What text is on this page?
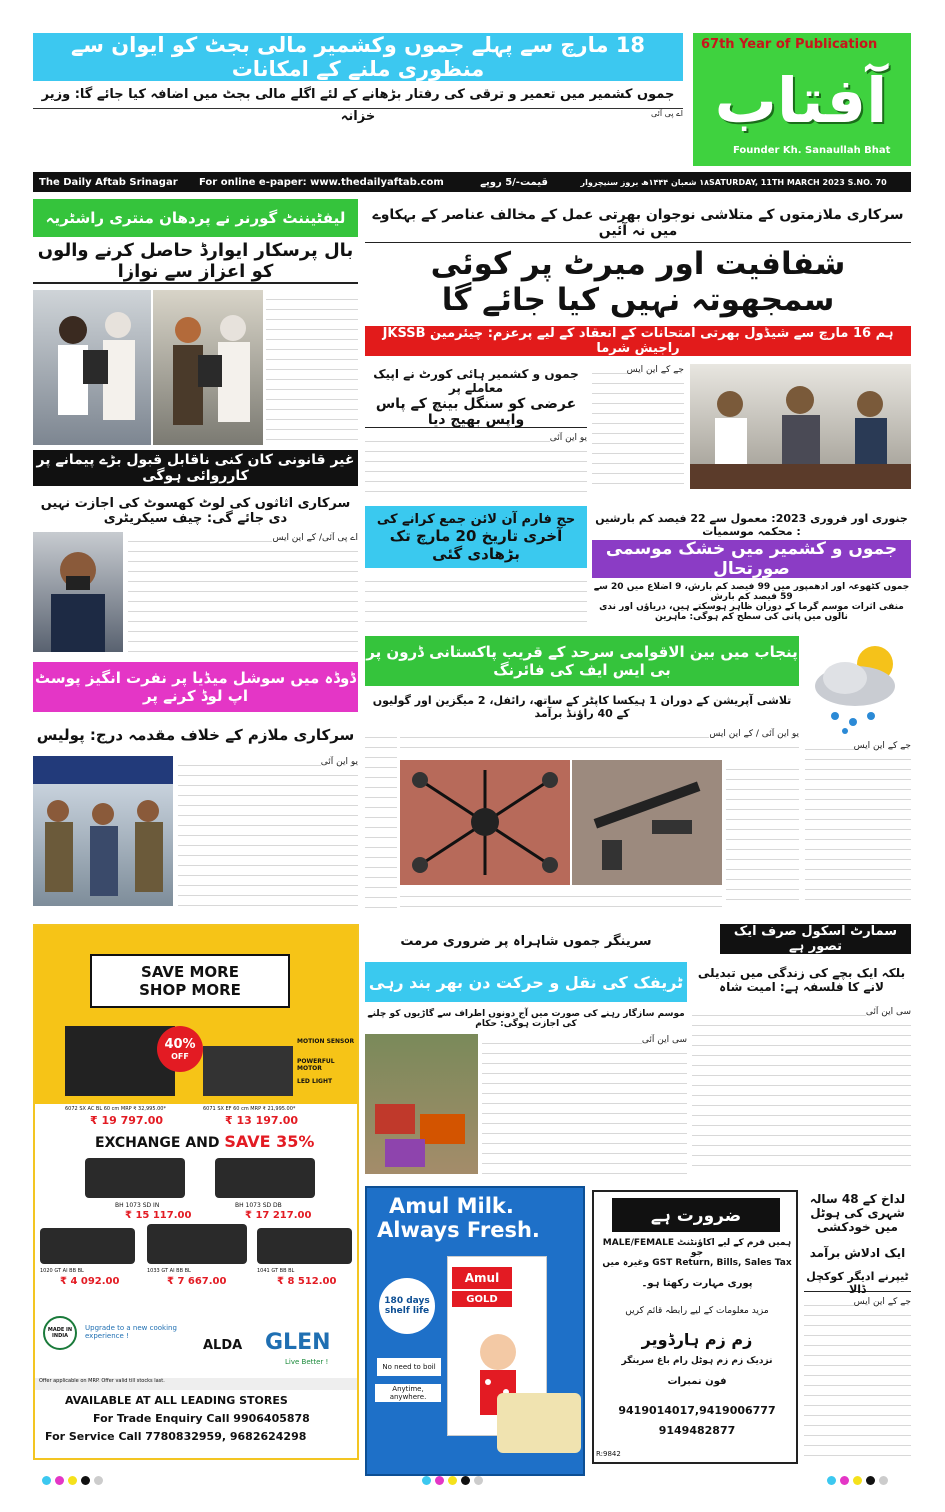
18 مارچ سے پہلے جموں وکشمیر مالی بجٹ کو ایوان سے منظوری ملنے کے امکانات
جموں کشمیر میں تعمیر و ترقی کی رفتار بڑھانے کے لئے اگلے مالی بجٹ میں اضافہ کیا جائے گا: وزیر خزانہ	اے پی آئی
67th Year of Publication
آفتاب
Founder Kh. Sanaullah Bhat
The Daily Aftab Srinagar	For online e-paper: www.thedailyaftab.com	قیمت-/5 روپے	۱۸ شعبان ۱۴۴۴ھ بروز سنیچروار SATURDAY, 11TH MARCH 2023 S.NO. 70
لیفٹیننٹ گورنر نے پردھان منتری راشٹریہ
بال پرسکار ایوارڈ حاصل کرنے والوں کو اعزاز سے نوازا
غیر قانونی کان کنی ناقابل قبول بڑے پیمانے پر کارروائی ہوگی
سرکاری اثاثوں کی لوٹ کھسوٹ کی اجازت نہیں دی جائے گی: چیف سیکریٹری
اے پی آئی/ کے این ایس
ڈوڈہ میں سوشل میڈیا پر نفرت انگیز پوسٹ اپ لوڈ کرنے پر
سرکاری ملازم کے خلاف مقدمہ درج: پولیس
یو این آئی
سرکاری ملازمتوں کے متلاشی نوجوان بھرتی عمل کے مخالف عناصر کے بہکاوے میں نہ آئیں
شفافیت اور میرٹ پر کوئی سمجھوتہ نہیں کیا جائے گا
ہم 16 مارچ سے شیڈول بھرتی امتحانات کے انعقاد کے لیے پرعزم: چیئرمین JKSSB راجیش شرما
جے کے این ایس
جموں و کشمیر ہائی کورٹ نے اپیک معاملے پر
عرضی کو سنگل بینچ کے پاس واپس بھیج دیا
یو این آئی
حج فارم آن لائن جمع کرانے کی
آخری تاریخ 20 مارچ تک بڑھادی گئی
جنوری اور فروری 2023: معمول سے 22 فیصد کم بارشیں : محکمہ موسمیات
جموں و کشمیر میں خشک موسمی صورتحال
جموں کٹھوعہ اور ادھمپور میں 99 فیصد کم بارش، 9 اضلاع میں 20 سے 59 فیصد کم بارش
منفی اثرات موسم گرما کے دوران ظاہر ہوسکتے ہیں، دریاؤں اور ندی نالوں میں پانی کی سطح کم ہوگی: ماہرین
پنجاب میں بین الاقوامی سرحد کے قریب پاکستانی ڈرون پر بی ایس ایف کی فائرنگ
تلاشی آپریشن کے دوران 1 ہیکسا کاپٹر کے ساتھ، رائفل، 2 میگزین اور گولیوں کے 40 راؤنڈ برآمد
یو این آئی / کے این ایس
جے کے این ایس
SAVE MORE
SHOP MORE
40%
OFF
MOTION SENSOR
POWERFUL MOTOR
LED LIGHT
6072 SX AC BL 60 cm MRP ₹ 32,995.00*
₹ 19 797.00
6071 SX EF 60 cm MRP ₹ 21,995.00*
₹ 13 197.00
EXCHANGE AND SAVE 35%
BH 1073 SD IN
₹ 15 117.00
BH 1073 SD DB
₹ 17 217.00
1020 GT AI BB BL
₹ 4 092.00
1033 GT AI BB BL
₹ 7 667.00
1041 GT BB BL
₹ 8 512.00
MADE IN INDIA
Upgrade to a new cooking experience !
ALDA	GLEN
Live Better !
Offer applicable on MRP. Offer valid till stocks last.
AVAILABLE AT ALL LEADING STORES
For Trade Enquiry Call 9906405878
For Service Call 7780832959, 9682624298
سرینگر جموں شاہراہ پر ضروری مرمت
ٹریفک کی نقل و حرکت دن بھر بند رہی
موسم سازگار رہنے کی صورت میں آج دونوں اطراف سے گاڑیوں کو چلنے کی اجازت ہوگی: حکام
سی این آئی
سمارٹ اسکول صرف ایک تصور ہے
بلکہ ایک بچے کی زندگی میں تبدیلی لانے کا فلسفہ ہے: امیت شاہ
سی این آئی
Amul Milk.
Always Fresh.
Amul
GOLD
180 days shelf life
No need to boil
Anytime, anywhere.
ضرورت ہے
ہمیں فرم کے لیے اکاؤنٹنٹ MALE/FEMALE جو
GST Return, Bills, Sales Tax وغیرہ میں
پوری مہارت رکھتا ہو۔
مزید معلومات کے لیے رابطہ قائم کریں
زم زم ہارڈویر
نزدیک زم زم ہوٹل رام باغ سرینگر
فون نمبرات
9419014017,9419006777
9149482877
R:9842
لداخ کے 48 سالہ شہری کی ہوٹل میں خودکشی
ایک ادلاش برآمد
ٹیپرنے ادیگر کوکچل ڈالا
جے کے این ایس
